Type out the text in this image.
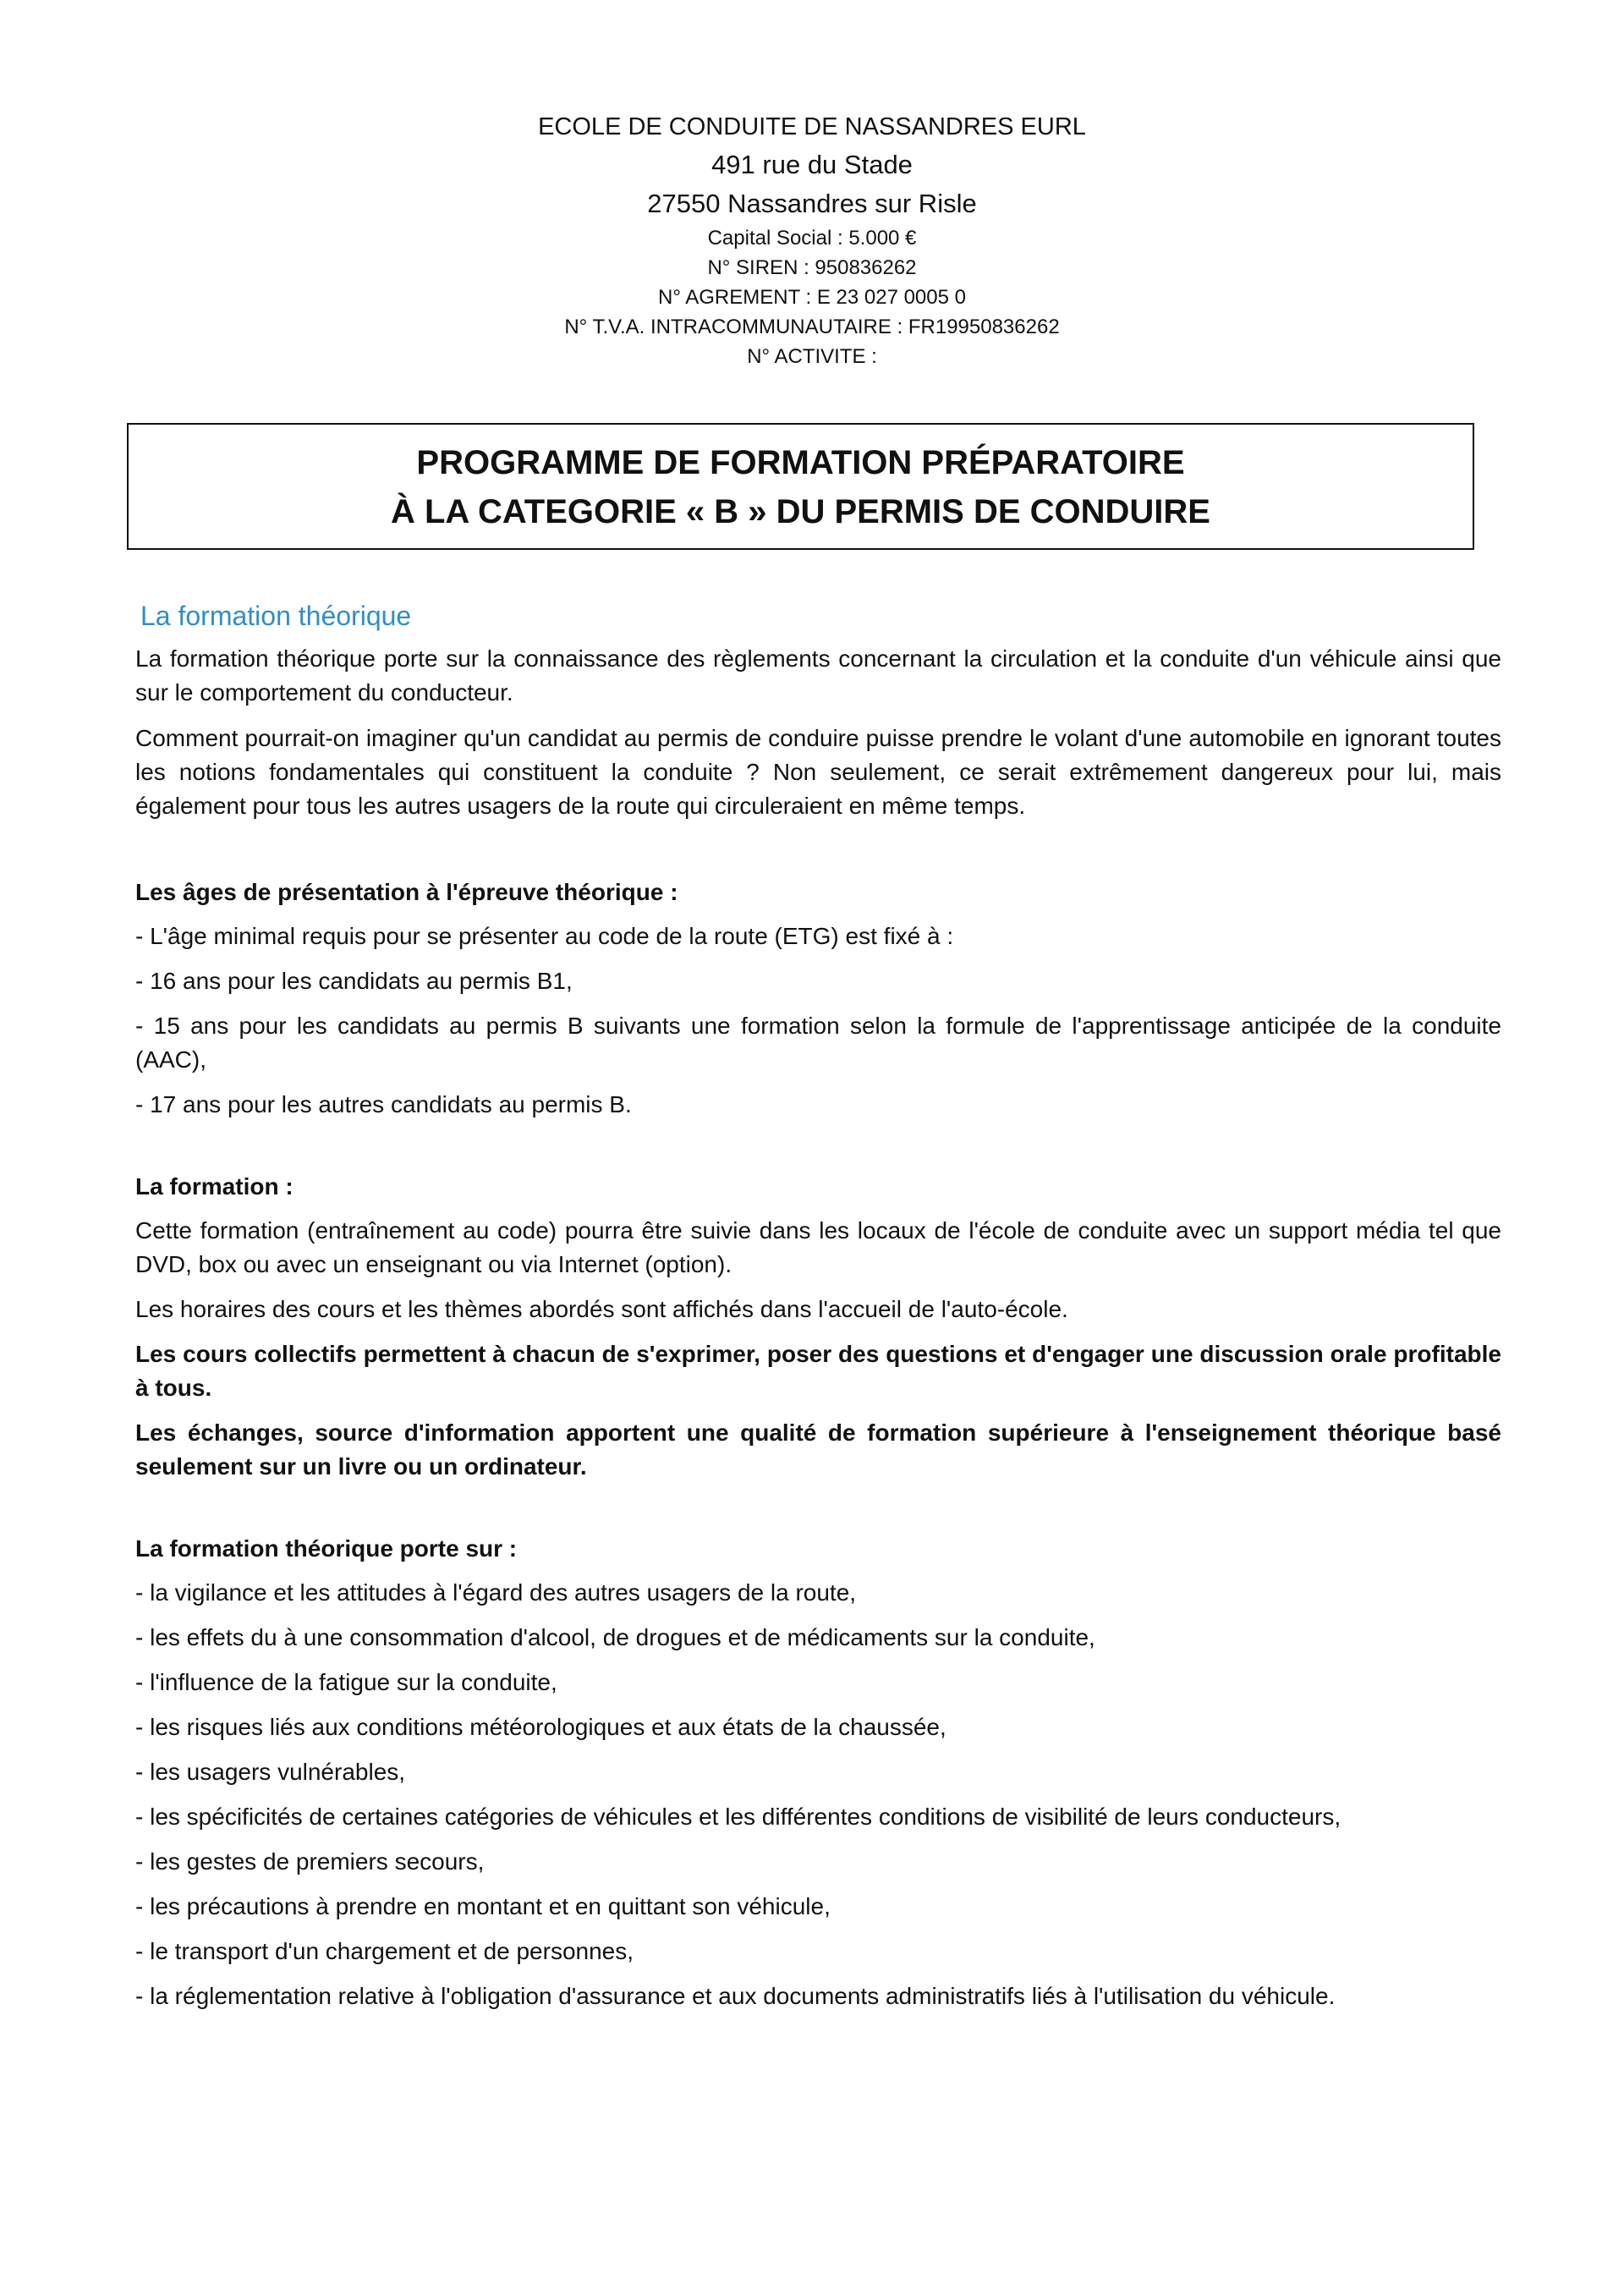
ECOLE DE CONDUITE DE NASSANDRES EURL
491 rue du Stade
27550 Nassandres sur Risle
Capital Social : 5.000 €
N° SIREN : 950836262
N° AGREMENT : E 23 027 0005 0
N° T.V.A. INTRACOMMUNAUTAIRE : FR19950836262
N° ACTIVITE :
PROGRAMME DE FORMATION PRÉPARATOIRE
À LA CATEGORIE « B » DU PERMIS DE CONDUIRE
La formation théorique

La formation théorique porte sur la connaissance des règlements concernant la circulation et la conduite d'un véhicule ainsi que sur le comportement du conducteur.

Comment pourrait-on imaginer qu'un candidat au permis de conduire puisse prendre le volant d'une automobile en ignorant toutes les notions fondamentales qui constituent la conduite ? Non seulement, ce serait extrêmement dangereux pour lui, mais également pour tous les autres usagers de la route qui circuleraient en même temps.

Les âges de présentation à l'épreuve théorique :
- L'âge minimal requis pour se présenter au code de la route (ETG) est fixé à :
- 16 ans pour les candidats au permis B1,
- 15 ans pour les candidats au permis B suivants une formation selon la formule de l'apprentissage anticipée de la conduite (AAC),
- 17 ans pour les autres candidats au permis B.
La formation :

Cette formation (entraînement au code) pourra être suivie dans les locaux de l'école de conduite avec un support média tel que DVD, box ou avec un enseignant ou via Internet (option).

Les horaires des cours et les thèmes abordés sont affichés dans l'accueil de l'auto-école.

Les cours collectifs permettent à chacun de s'exprimer, poser des questions et d'engager une discussion orale profitable à tous.

Les échanges, source d'information apportent une qualité de formation supérieure à l'enseignement théorique basé seulement sur un livre ou un ordinateur.

La formation théorique porte sur :
- la vigilance et les attitudes à l'égard des autres usagers de la route,
- les effets du à une consommation d'alcool, de drogues et de médicaments sur la conduite,
- l'influence de la fatigue sur la conduite,
- les risques liés aux conditions météorologiques et aux états de la chaussée,
- les usagers vulnérables,
- les spécificités de certaines catégories de véhicules et les différentes conditions de visibilité de leurs conducteurs,
- les gestes de premiers secours,
- les précautions à prendre en montant et en quittant son véhicule,
- le transport d'un chargement et de personnes,
- la réglementation relative à l'obligation d'assurance et aux documents administratifs liés à l'utilisation du véhicule.
